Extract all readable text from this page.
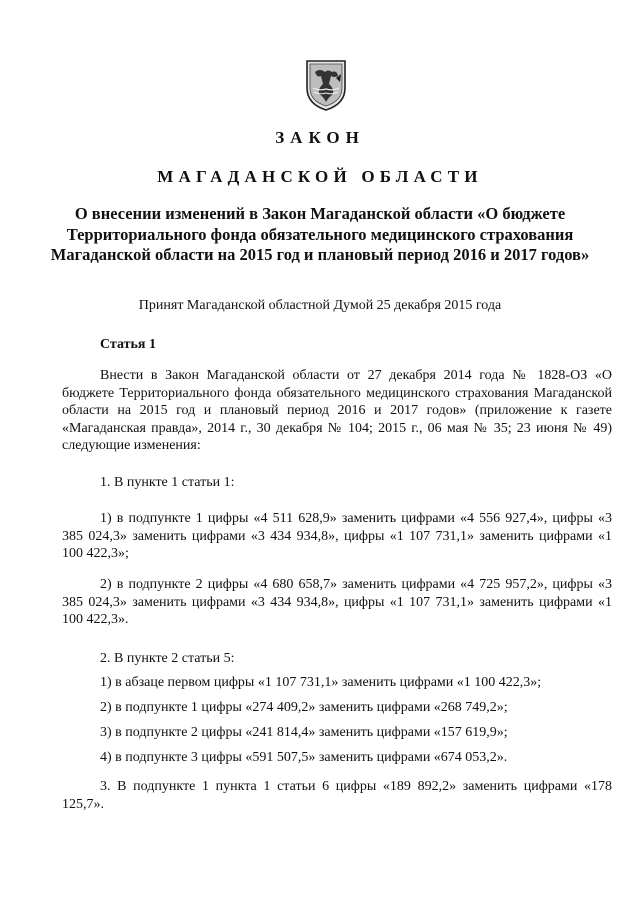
ЗАКОН
МАГАДАНСКОЙ ОБЛАСТИ
О внесении изменений в Закон Магаданской области «О бюджете Территориального фонда обязательного медицинского страхования Магаданской области на 2015 год и плановый период 2016 и 2017 годов»
Принят Магаданской областной Думой 25 декабря 2015 года
Статья 1

Внести в Закон Магаданской области от 27 декабря 2014 года № 1828-ОЗ «О бюджете Территориального фонда обязательного медицинского страхования Магаданской области на 2015 год и плановый период 2016 и 2017 годов» (приложение к газете «Магаданская правда», 2014 г., 30 декабря № 104; 2015 г., 06 мая № 35; 23 июня № 49) следующие изменения:

1. В пункте 1 статьи 1:

1) в подпункте 1 цифры «4 511 628,9» заменить цифрами «4 556 927,4», цифры «3 385 024,3» заменить цифрами «3 434 934,8», цифры «1 107 731,1» заменить цифрами «1 100 422,3»;

2) в подпункте 2 цифры «4 680 658,7» заменить цифрами «4 725 957,2», цифры «3 385 024,3» заменить цифрами «3 434 934,8», цифры «1 107 731,1» заменить цифрами «1 100 422,3».

2. В пункте 2 статьи 5:

1) в абзаце первом цифры «1 107 731,1» заменить цифрами «1 100 422,3»;

2) в подпункте 1 цифры «274 409,2» заменить цифрами «268 749,2»;

3) в подпункте 2 цифры «241 814,4» заменить цифрами «157 619,9»;

4) в подпункте 3 цифры «591 507,5» заменить цифрами «674 053,2».

3. В подпункте 1 пункта 1 статьи 6 цифры «189 892,2» заменить цифрами «178 125,7».
